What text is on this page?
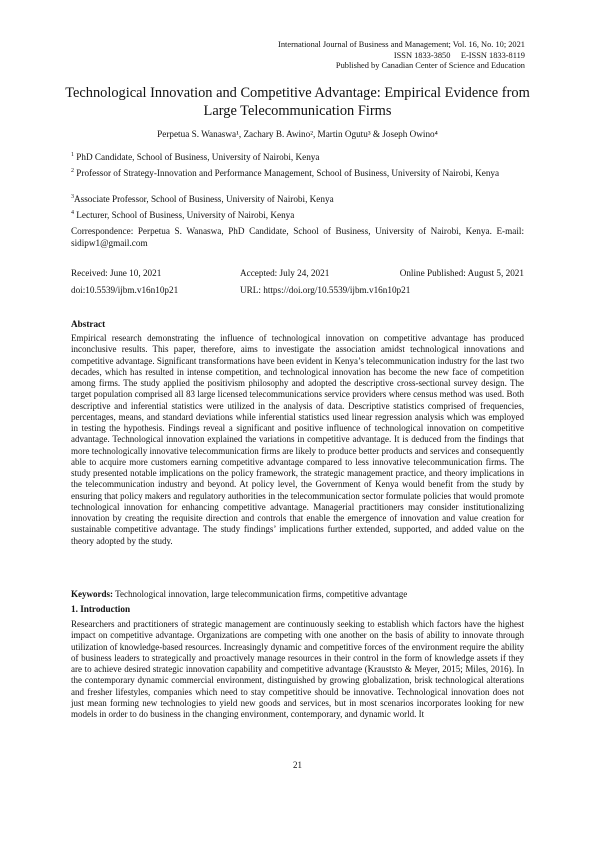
International Journal of Business and Management; Vol. 16, No. 10; 2021
ISSN 1833-3850     E-ISSN 1833-8119
Published by Canadian Center of Science and Education
Technological Innovation and Competitive Advantage: Empirical Evidence from Large Telecommunication Firms
Perpetua S. Wanaswa¹, Zachary B. Awino², Martin Ogutu³ & Joseph Owino⁴
$^1$ PhD Candidate, School of Business, University of Nairobi, Kenya
$^2$ Professor of Strategy-Innovation and Performance Management, School of Business, University of Nairobi, Kenya
$^3$Associate Professor, School of Business, University of Nairobi, Kenya
$^4$ Lecturer, School of Business, University of Nairobi, Kenya
Correspondence: Perpetua S. Wanaswa, PhD Candidate, School of Business, University of Nairobi, Kenya. E-mail: sidipw1@gmail.com
Received: June 10, 2021	Accepted: July 24, 2021	Online Published: August 5, 2021
doi:10.5539/ijbm.v16n10p21	URL: https://doi.org/10.5539/ijbm.v16n10p21
Abstract
Empirical research demonstrating the influence of technological innovation on competitive advantage has produced inconclusive results. This paper, therefore, aims to investigate the association amidst technological innovations and competitive advantage. Significant transformations have been evident in Kenya’s telecommunication industry for the last two decades, which has resulted in intense competition, and technological innovation has become the new face of competition among firms. The study applied the positivism philosophy and adopted the descriptive cross-sectional survey design. The target population comprised all 83 large licensed telecommunications service providers where census method was used. Both descriptive and inferential statistics were utilized in the analysis of data. Descriptive statistics comprised of frequencies, percentages, means, and standard deviations while inferential statistics used linear regression analysis which was employed in testing the hypothesis. Findings reveal a significant and positive influence of technological innovation on competitive advantage. Technological innovation explained the variations in competitive advantage. It is deduced from the findings that more technologically innovative telecommunication firms are likely to produce better products and services and consequently able to acquire more customers earning competitive advantage compared to less innovative telecommunication firms. The study presented notable implications on the policy framework, the strategic management practice, and theory implications in the telecommunication industry and beyond. At policy level, the Government of Kenya would benefit from the study by ensuring that policy makers and regulatory authorities in the telecommunication sector formulate policies that would promote technological innovation for enhancing competitive advantage. Managerial practitioners may consider institutionalizing innovation by creating the requisite direction and controls that enable the emergence of innovation and value creation for sustainable competitive advantage. The study findings’ implications further extended, supported, and added value on the theory adopted by the study.
Keywords: Technological innovation, large telecommunication firms, competitive advantage
1. Introduction
Researchers and practitioners of strategic management are continuously seeking to establish which factors have the highest impact on competitive advantage. Organizations are competing with one another on the basis of ability to innovate through utilization of knowledge-based resources. Increasingly dynamic and competitive forces of the environment require the ability of business leaders to strategically and proactively manage resources in their control in the form of knowledge assets if they are to achieve desired strategic innovation capability and competitive advantage (Krauststo & Meyer, 2015; Miles, 2016). In the contemporary dynamic commercial environment, distinguished by growing globalization, brisk technological alterations and fresher lifestyles, companies which need to stay competitive should be innovative. Technological innovation does not just mean forming new technologies to yield new goods and services, but in most scenarios incorporates looking for new models in order to do business in the changing environment, contemporary, and dynamic world. It
21
